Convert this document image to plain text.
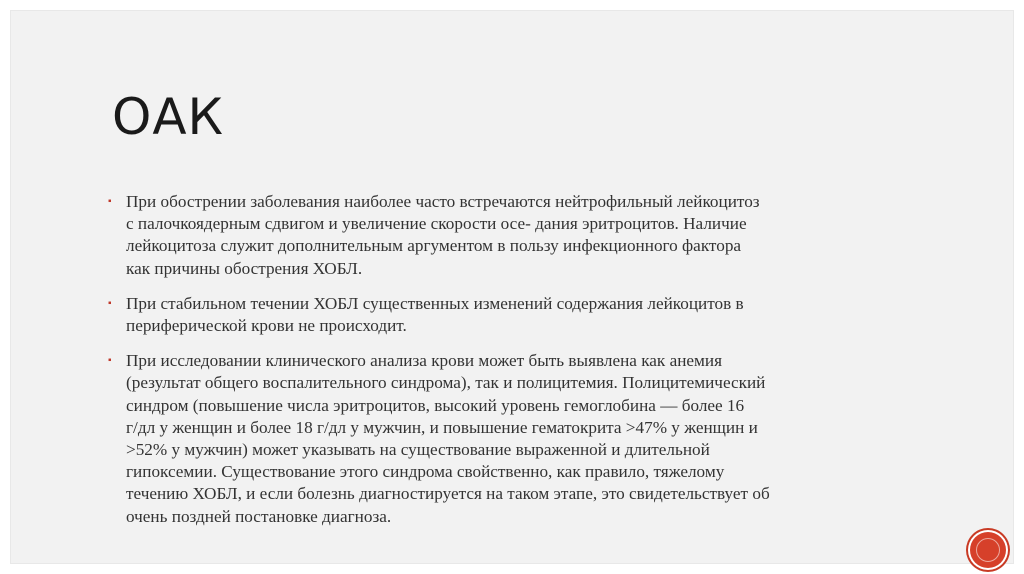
ОАК
▪ При обострении заболевания наиболее часто встречаются нейтрофильный лейкоцитоз
с палочкоядерным сдвигом и увеличение скорости осе- дания эритроцитов. Наличие
лейкоцитоза служит дополнительным аргументом в пользу инфекционного фактора
как причины обострения ХОБЛ.
▪ При стабильном течении ХОБЛ существенных изменений содержания лейкоцитов в
периферической крови не происходит.
▪ При исследовании клинического анализа крови может быть выявлена как анемия
(результат общего воспалительного синдрома), так и полицитемия. Полицитемический
синдром (повышение числа эритроцитов, высокий уровень гемоглобина — более 16
г/дл у женщин и более 18 г/дл у мужчин, и повышение гематокрита >47% у женщин и
>52% у мужчин) может указывать на существование выраженной и длительной
гипоксемии. Существование этого синдрома свойственно, как правило, тяжелому
течению ХОБЛ, и если болезнь диагностируется на таком этапе, это свидетельствует об
очень поздней постановке диагноза.
